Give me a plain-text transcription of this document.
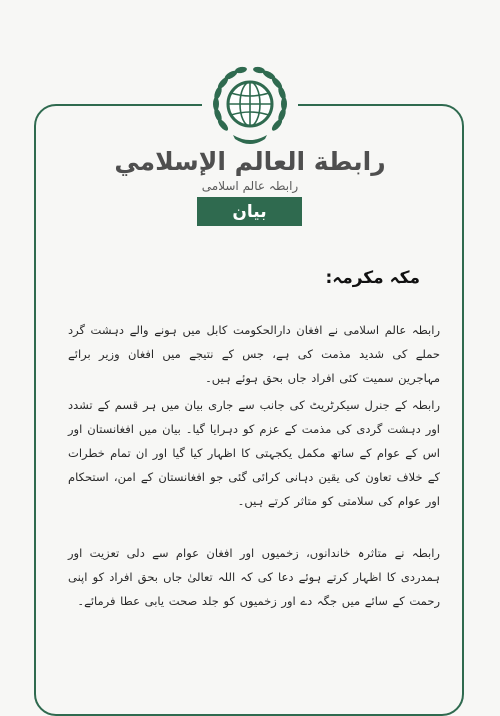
رابطة العالم الإسلامي
رابطہ عالم اسلامی
بیان
مکہ مکرمہ:

رابطہ عالم اسلامی نے افغان دارالحکومت کابل میں ہونے والے دہشت گرد حملے کی شدید مذمت کی ہے، جس کے نتیجے میں افغان وزیر برائے مہاجرین سمیت کئی افراد جاں بحق ہوئے ہیں۔

رابطہ کے جنرل سیکرٹریٹ کی جانب سے جاری بیان میں ہر قسم کے تشدد اور دہشت گردی کی مذمت کے عزم کو دہرایا گیا۔ بیان میں افغانستان اور اس کے عوام کے ساتھ مکمل یکجہتی کا اظہار کیا گیا اور ان تمام خطرات کے خلاف تعاون کی یقین دہانی کرائی گئی جو افغانستان کے امن، استحکام اور عوام کی سلامتی کو متاثر کرتے ہیں۔

رابطہ نے متاثرہ خاندانوں، زخمیوں اور افغان عوام سے دلی تعزیت اور ہمدردی کا اظہار کرتے ہوئے دعا کی کہ اللہ تعالیٰ جاں بحق افراد کو اپنی رحمت کے سائے میں جگہ دے اور زخمیوں کو جلد صحت یابی عطا فرمائے۔
